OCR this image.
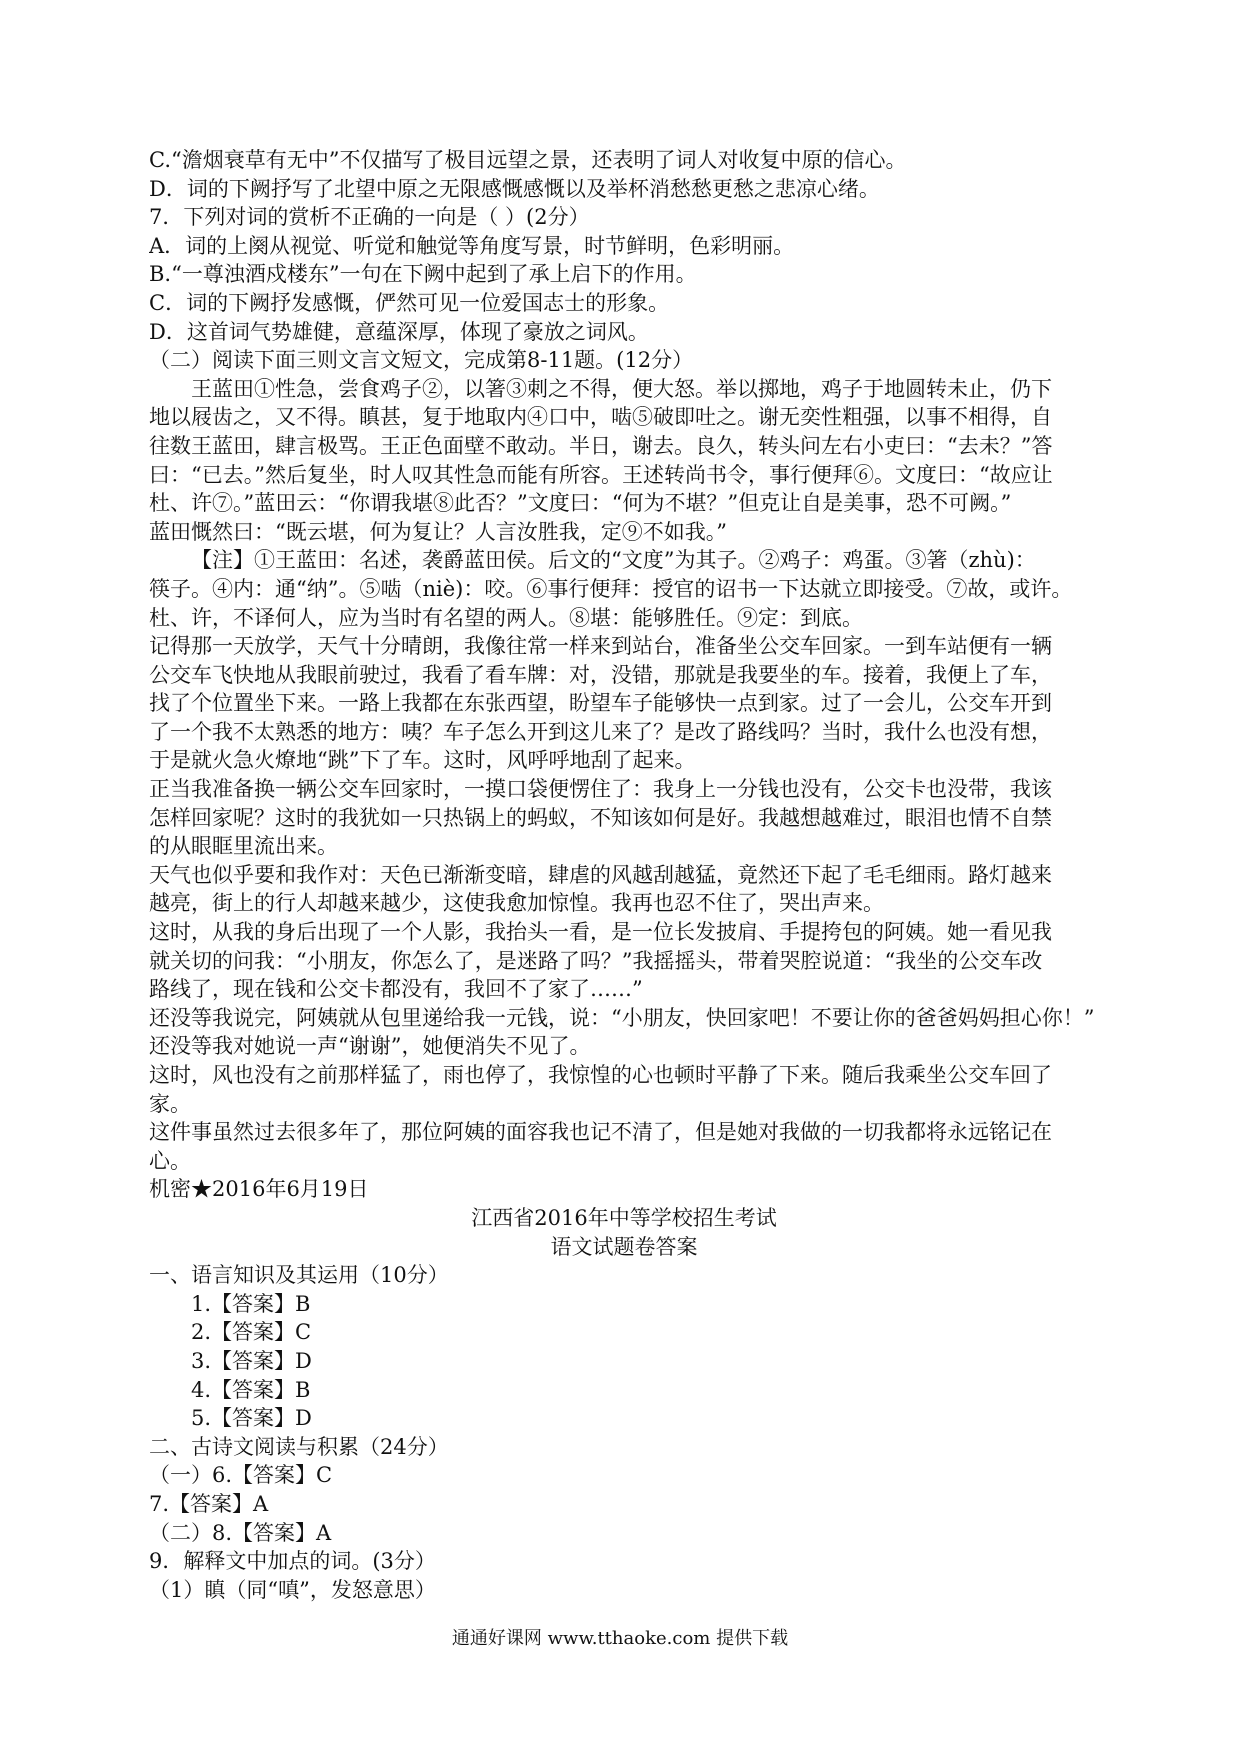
C.“澹烟衰草有无中”不仅描写了极目远望之景，还表明了词人对收复中原的信心。
D．词的下阙抒写了北望中原之无限感慨感慨以及举杯消愁愁更愁之悲凉心绪。
7．下列对词的赏析不正确的一向是（ ）(2分）
A．词的上阕从视觉、听觉和触觉等角度写景，时节鲜明，色彩明丽。
B.“一尊浊酒戍楼东”一句在下阙中起到了承上启下的作用。
C．词的下阙抒发感慨，俨然可见一位爱国志士的形象。
D．这首词气势雄健，意蕴深厚，体现了豪放之词风。
（二）阅读下面三则文言文短文，完成第8-11题。(12分）
王蓝田①性急，尝食鸡子②，以箸③刺之不得，便大怒。举以掷地，鸡子于地圆转未止，仍下
地以屐齿之，又不得。瞋甚，复于地取内④口中，啮⑤破即吐之。谢无奕性粗强，以事不相得，自
往数王蓝田，肆言极骂。王正色面壁不敢动。半日，谢去。良久，转头问左右小吏曰：“去未？”答
曰：“已去。”然后复坐，时人叹其性急而能有所容。王述转尚书令，事行便拜⑥。文度曰：“故应让
杜、许⑦。”蓝田云：“你谓我堪⑧此否？”文度曰：“何为不堪？”但克让自是美事，恐不可阙。”
蓝田慨然曰：“既云堪，何为复让？人言汝胜我，定⑨不如我。”
【注】①王蓝田：名述，袭爵蓝田侯。后文的“文度”为其子。②鸡子：鸡蛋。③箸（zhù)：
筷子。④内：通“纳”。⑤啮（niè)：咬。⑥事行便拜：授官的诏书一下达就立即接受。⑦故，或许。
杜、许，不译何人，应为当时有名望的两人。⑧堪：能够胜任。⑨定：到底。
记得那一天放学，天气十分晴朗，我像往常一样来到站台，准备坐公交车回家。一到车站便有一辆
公交车飞快地从我眼前驶过，我看了看车牌：对，没错，那就是我要坐的车。接着，我便上了车，
找了个位置坐下来。一路上我都在东张西望，盼望车子能够快一点到家。过了一会儿，公交车开到
了一个我不太熟悉的地方：咦？车子怎么开到这儿来了？是改了路线吗？当时，我什么也没有想，
于是就火急火燎地“跳”下了车。这时，风呼呼地刮了起来。
正当我准备换一辆公交车回家时，一摸口袋便愣住了：我身上一分钱也没有，公交卡也没带，我该
怎样回家呢？这时的我犹如一只热锅上的蚂蚁，不知该如何是好。我越想越难过，眼泪也情不自禁
的从眼眶里流出来。
天气也似乎要和我作对：天色已渐渐变暗，肆虐的风越刮越猛，竟然还下起了毛毛细雨。路灯越来
越亮，街上的行人却越来越少，这使我愈加惊惶。我再也忍不住了，哭出声来。
这时，从我的身后出现了一个人影，我抬头一看，是一位长发披肩、手提挎包的阿姨。她一看见我
就关切的问我：“小朋友，你怎么了，是迷路了吗？”我摇摇头，带着哭腔说道：“我坐的公交车改
路线了，现在钱和公交卡都没有，我回不了家了……”
还没等我说完，阿姨就从包里递给我一元钱，说：“小朋友，快回家吧！不要让你的爸爸妈妈担心你！”
还没等我对她说一声“谢谢”，她便消失不见了。
这时，风也没有之前那样猛了，雨也停了，我惊惶的心也顿时平静了下来。随后我乘坐公交车回了
家。
这件事虽然过去很多年了，那位阿姨的面容我也记不清了，但是她对我做的一切我都将永远铭记在
心。
机密★2016年6月19日
江西省2016年中等学校招生考试
语文试题卷答案
一、语言知识及其运用（10分）
1.【答案】B
2.【答案】C
3.【答案】D
4.【答案】B
5.【答案】D
二、古诗文阅读与积累（24分）
（一）6.【答案】C
7.【答案】A
（二）8.【答案】A
9．解释文中加点的词。(3分）
（1）瞋（同“嗔”，发怒意思）
通通好课网 www.tthaoke.com 提供下载
